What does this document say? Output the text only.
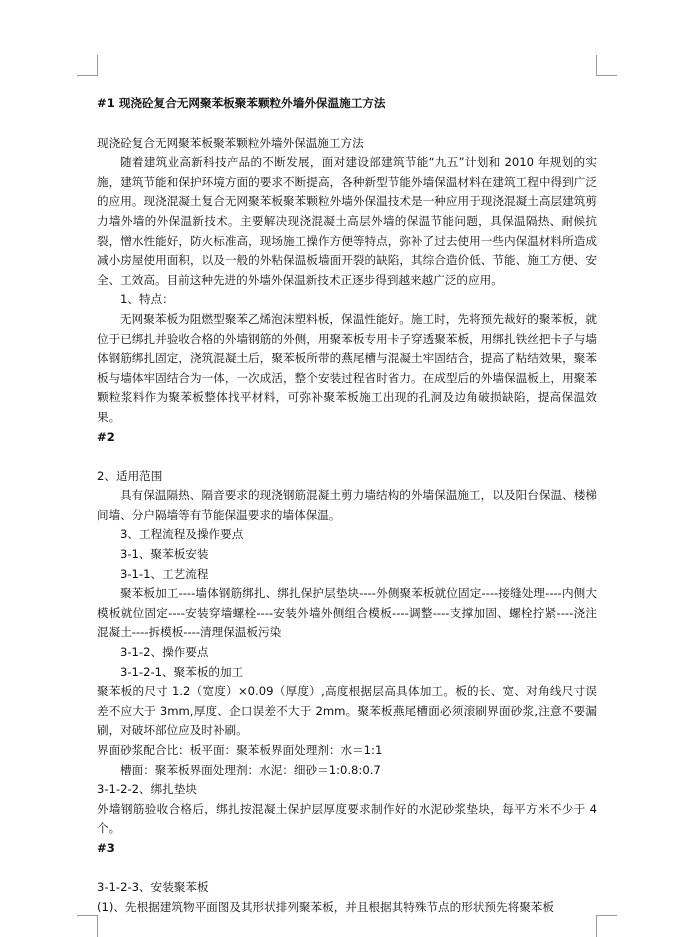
#1 现浇砼复合无网聚苯板聚苯颗粒外墙外保温施工方法

现浇砼复合无网聚苯板聚苯颗粒外墙外保温施工方法

随着建筑业高新科技产品的不断发展，面对建设部建筑节能“九五”计划和 2010 年规划的实施，建筑节能和保护环境方面的要求不断提高，各种新型节能外墙保温材料在建筑工程中得到广泛的应用。现浇混凝土复合无网聚苯板聚苯颗粒外墙外保温技术是一种应用于现浇混凝土高层建筑剪力墙外墙的外保温新技术。主要解决现浇混凝土高层外墙的保温节能问题，具保温隔热、耐候抗裂，憎水性能好，防火标准高，现场施工操作方便等特点，弥补了过去使用一些内保温材料所造成减小房屋使用面积，以及一般的外粘保温板墙面开裂的缺陷，其综合造价低、节能、施工方便、安全、工效高。目前这种先进的外墙外保温新技术正逐步得到越来越广泛的应用。

1、特点：

无网聚苯板为阻燃型聚苯乙烯泡沫塑料板，保温性能好。施工时，先将预先裁好的聚苯板，就位于已绑扎并验收合格的外墙钢筋的外侧，用聚苯板专用卡子穿透聚苯板，用绑扎铁丝把卡子与墙体钢筋绑扎固定，浇筑混凝土后，聚苯板所带的燕尾槽与混凝土牢固结合，提高了粘结效果，聚苯板与墙体牢固结合为一体，一次成活，整个安装过程省时省力。在成型后的外墙保温板上，用聚苯颗粒浆料作为聚苯板整体找平材料，可弥补聚苯板施工出现的孔洞及边角破损缺陷，提高保温效果。

#2

2、适用范围

具有保温隔热、隔音要求的现浇钢筋混凝土剪力墙结构的外墙保温施工，以及阳台保温、楼梯间墙、分户隔墙等有节能保温要求的墙体保温。

3、工程流程及操作要点

3-1、聚苯板安装

3-1-1、工艺流程

聚苯板加工----墙体钢筋绑扎、绑扎保护层垫块----外侧聚苯板就位固定----接缝处理----内侧大模板就位固定----安装穿墙螺栓----安装外墙外侧组合模板----调整----支撑加固、螺栓拧紧----浇注混凝土----拆模板----清理保温板污染

3-1-2、操作要点

3-1-2-1、聚苯板的加工

聚苯板的尺寸 1.2（宽度）×0.09（厚度）,高度根据层高具体加工。板的长、宽、对角线尺寸误差不应大于 3mm,厚度、企口误差不大于 2mm。聚苯板燕尾槽面必须滚刷界面砂浆,注意不要漏刷，对破坏部位应及时补刷。

界面砂浆配合比：板平面：聚苯板界面处理剂：水＝1:1

槽面：聚苯板界面处理剂：水泥：细砂＝1:0.8:0.7

3-1-2-2、绑扎垫块

外墙钢筋验收合格后，绑扎按混凝土保护层厚度要求制作好的水泥砂浆垫块，每平方米不少于 4 个。

#3

3-1-2-3、安装聚苯板

(1)、先根据建筑物平面图及其形状排列聚苯板，并且根据其特殊节点的形状预先将聚苯板
